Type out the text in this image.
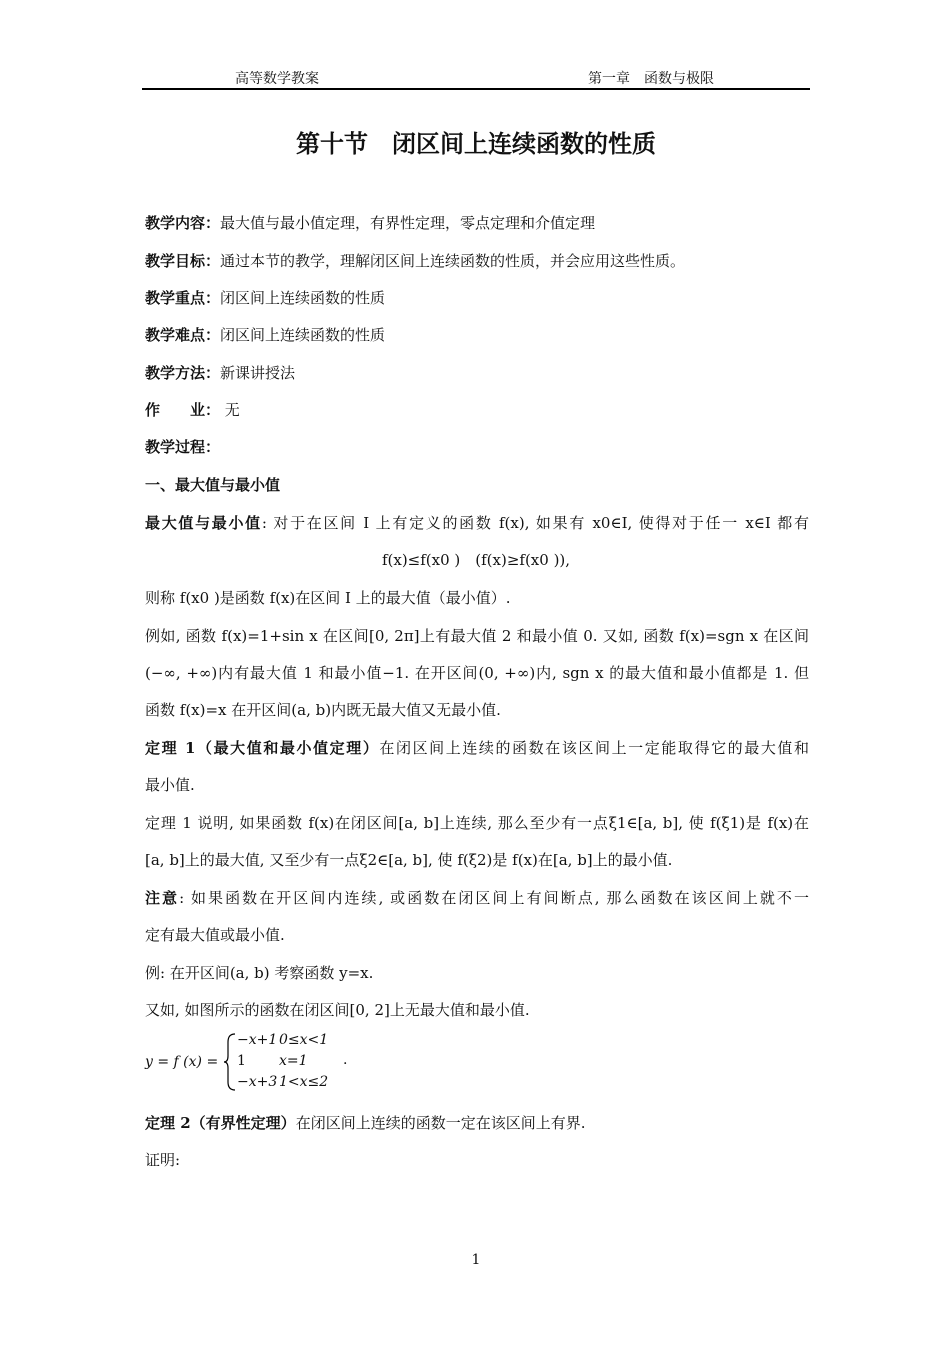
高等数学教案	第一章　函数与极限
第十节　闭区间上连续函数的性质
教学内容：最大值与最小值定理，有界性定理，零点定理和介值定理
教学目标：通过本节的教学，理解闭区间上连续函数的性质，并会应用这些性质。
教学重点：闭区间上连续函数的性质
教学难点：闭区间上连续函数的性质
教学方法：新课讲授法
作　　业： 无
教学过程：
一、最大值与最小值
最大值与最小值: 对于在区间 I 上有定义的函数 f(x), 如果有 x0∈I, 使得对于任一 x∈I 都有
f(x)≤f(x0 )　(f(x)≥f(x0 )),
则称 f(x0 )是函数 f(x)在区间 I 上的最大值（最小值）.
例如, 函数 f(x)=1+sin x 在区间[0, 2π]上有最大值 2 和最小值 0. 又如, 函数 f(x)=sgn x 在区间
(−∞, +∞)内有最大值 1 和最小值−1. 在开区间(0, +∞)内, sgn x 的最大值和最小值都是 1. 但
函数 f(x)=x 在开区间(a, b)内既无最大值又无最小值.
定理 1（最大值和最小值定理）在闭区间上连续的函数在该区间上一定能取得它的最大值和
最小值.
定理 1 说明, 如果函数 f(x)在闭区间[a, b]上连续, 那么至少有一点ξ1∈[a, b], 使 f(ξ1)是 f(x)在
[a, b]上的最大值, 又至少有一点ξ2∈[a, b], 使 f(ξ2)是 f(x)在[a, b]上的最小值.
注意: 如果函数在开区间内连续, 或函数在闭区间上有间断点, 那么函数在该区间上就不一
定有最大值或最小值.
例: 在开区间(a, b) 考察函数 y=x.
又如, 如图所示的函数在闭区间[0, 2]上无最大值和最小值.
y = f (x) =
−x+1 0≤x<1
1 x=1
−x+3 1<x≤2
.
定理 2（有界性定理）在闭区间上连续的函数一定在该区间上有界.
证明:
1
